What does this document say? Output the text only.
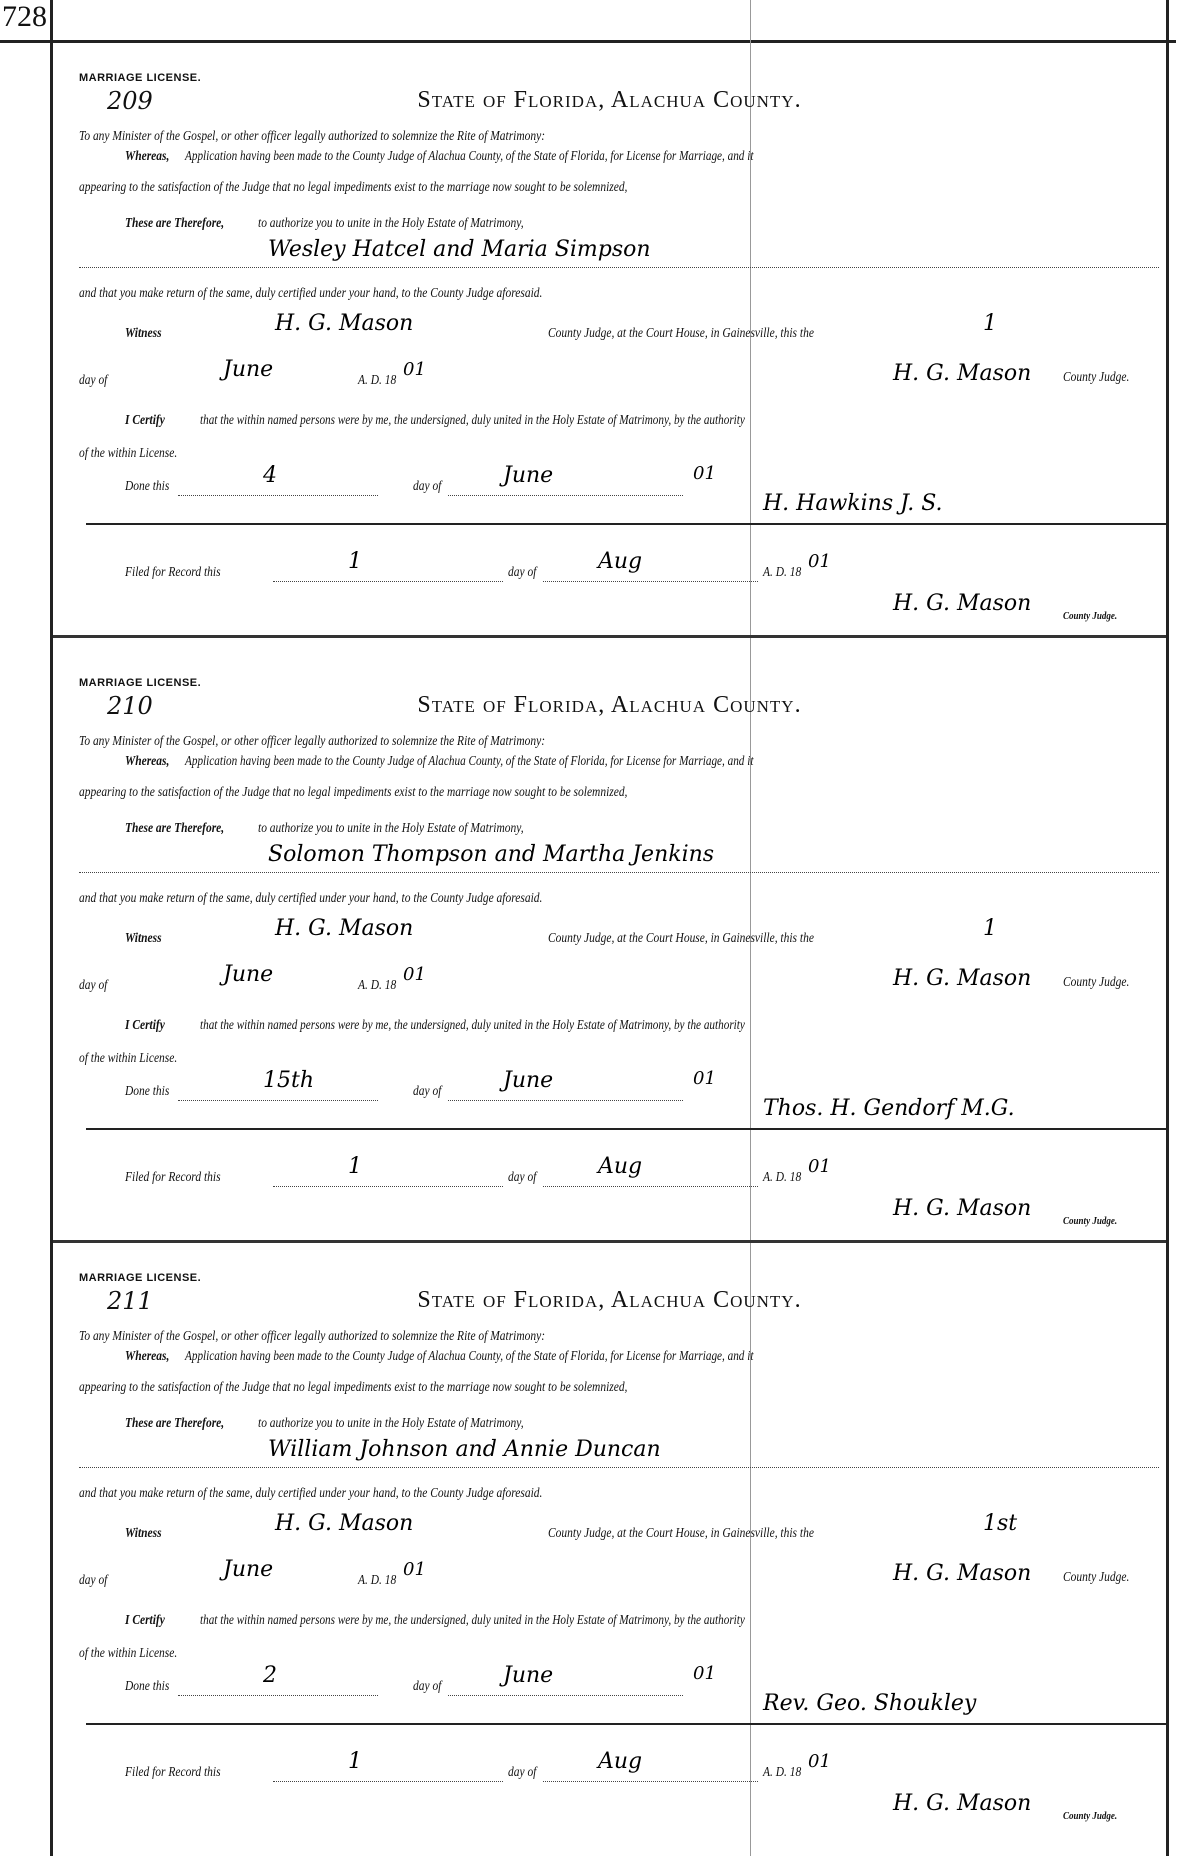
728
MARRIAGE LICENSE.
209	State of Florida, Alachua County.
To any Minister of the Gospel, or other officer legally authorized to solemnize the Rite of Matrimony:
Whereas, Application having been made to the County Judge of Alachua County, of the State of Florida, for License for Marriage, and it
appearing to the satisfaction of the Judge that no legal impediments exist to the marriage now sought to be solemnized,
These are Therefore, to authorize you to unite in the Holy Estate of Matrimony,
Wesley Hatcel and Maria Simpson
and that you make return of the same, duly certified under your hand, to the County Judge aforesaid.
Witness	H. G. Mason	County Judge, at the Court House, in Gainesville, this the	1
day of	June	A. D. 18
01	H. G. Mason County Judge.
I Certify	that the within named persons were by me, the undersigned, duly united in the Holy Estate of Matrimony, by the authority
of the within License.
Done this	4	day of	June	01
H. Hawkins J. S.
Filed for Record this	1	day of	Aug	A. D. 18
01
H. G. Mason	County Judge.
MARRIAGE LICENSE.
210	State of Florida, Alachua County.
To any Minister of the Gospel, or other officer legally authorized to solemnize the Rite of Matrimony:
Whereas, Application having been made to the County Judge of Alachua County, of the State of Florida, for License for Marriage, and it
appearing to the satisfaction of the Judge that no legal impediments exist to the marriage now sought to be solemnized,
These are Therefore, to authorize you to unite in the Holy Estate of Matrimony,
Solomon Thompson and Martha Jenkins
and that you make return of the same, duly certified under your hand, to the County Judge aforesaid.
Witness	H. G. Mason	County Judge, at the Court House, in Gainesville, this the	1
day of	June	A. D. 18
01	H. G. Mason County Judge.
I Certify	that the within named persons were by me, the undersigned, duly united in the Holy Estate of Matrimony, by the authority
of the within License.
Done this	15th	day of	June	01
Thos. H. Gendorf M.G.
Filed for Record this	1	day of	Aug	A. D. 18
01
H. G. Mason	County Judge.
MARRIAGE LICENSE.
211	State of Florida, Alachua County.
To any Minister of the Gospel, or other officer legally authorized to solemnize the Rite of Matrimony:
Whereas, Application having been made to the County Judge of Alachua County, of the State of Florida, for License for Marriage, and it
appearing to the satisfaction of the Judge that no legal impediments exist to the marriage now sought to be solemnized,
These are Therefore, to authorize you to unite in the Holy Estate of Matrimony,
William Johnson and Annie Duncan
and that you make return of the same, duly certified under your hand, to the County Judge aforesaid.
Witness	H. G. Mason	County Judge, at the Court House, in Gainesville, this the	1st
day of	June	A. D. 18
01	H. G. Mason County Judge.
I Certify	that the within named persons were by me, the undersigned, duly united in the Holy Estate of Matrimony, by the authority
of the within License.
Done this	2	day of	June	01
Rev. Geo. Shoukley
Filed for Record this	1	day of	Aug	A. D. 18
01
H. G. Mason	County Judge.
